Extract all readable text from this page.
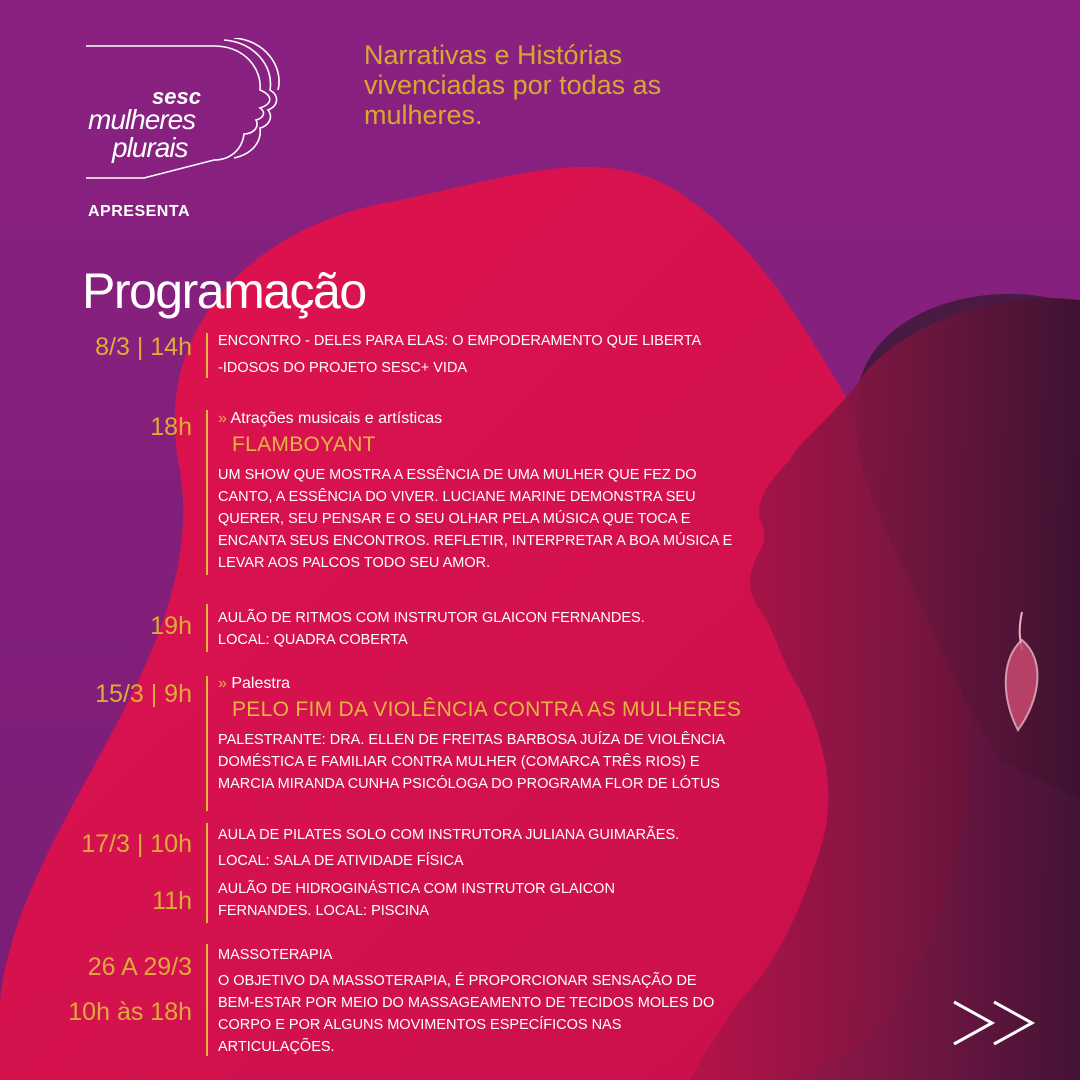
sesc
mulheres
plurais
APRESENTA
Narrativas e Histórias vivenciadas por todas as mulheres.
Programação
8/3 | 14h ENCONTRO - DELES PARA ELAS: O EMPODERAMENTO QUE LIBERTA
-IDOSOS DO PROJETO SESC+ VIDA
18h » Atrações musicais e artísticas
FLAMBOYANT
UM SHOW QUE MOSTRA A ESSÊNCIA DE UMA MULHER QUE FEZ DO CANTO, A ESSÊNCIA DO VIVER. LUCIANE MARINE DEMONSTRA SEU QUERER, SEU PENSAR E O SEU OLHAR PELA MÚSICA QUE TOCA E ENCANTA SEUS ENCONTROS. REFLETIR, INTERPRETAR A BOA MÚSICA E LEVAR AOS PALCOS TODO SEU AMOR.
19h AULÃO DE RITMOS COM INSTRUTOR GLAICON FERNANDES.
LOCAL: QUADRA COBERTA
15/3 | 9h » Palestra
PELO FIM DA VIOLÊNCIA CONTRA AS MULHERES
PALESTRANTE: DRA. ELLEN DE FREITAS BARBOSA JUÍZA DE VIOLÊNCIA DOMÉSTICA E FAMILIAR CONTRA MULHER (COMARCA TRÊS RIOS) E MARCIA MIRANDA CUNHA PSICÓLOGA DO PROGRAMA FLOR DE LÓTUS
17/3 | 10h AULA DE PILATES SOLO COM INSTRUTORA JULIANA GUIMARÃES.
LOCAL: SALA DE ATIVIDADE FÍSICA
11h AULÃO DE HIDROGINÁSTICA COM INSTRUTOR GLAICON FERNANDES. LOCAL: PISCINA
26 A 29/3
10h às 18h
MASSOTERAPIA
O OBJETIVO DA MASSOTERAPIA, É PROPORCIONAR SENSAÇÃO DE BEM-ESTAR POR MEIO DO MASSAGEAMENTO DE TECIDOS MOLES DO CORPO E POR ALGUNS MOVIMENTOS ESPECÍFICOS NAS ARTICULAÇÕES.
